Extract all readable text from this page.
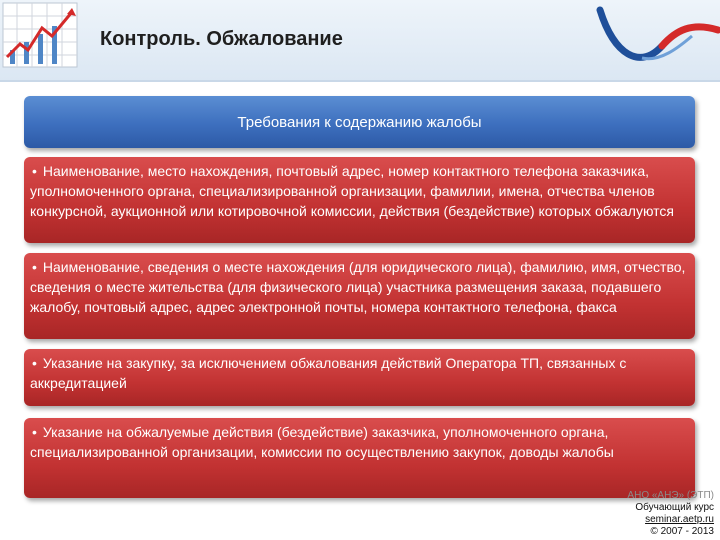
Контроль. Обжалование
Требования к содержанию жалобы
• Наименование, место нахождения, почтовый адрес, номер контактного телефона заказчика, уполномоченного органа, специализированной организации, фамилии, имена, отчества членов конкурсной, аукционной или котировочной комиссии, действия (бездействие) которых обжалуются
• Наименование, сведения о месте нахождения (для юридического лица), фамилию, имя, отчество, сведения о месте жительства (для физического лица) участника размещения заказа, подавшего жалобу, почтовый адрес, адрес электронной почты, номера контактного телефона, факса
• Указание на закупку, за исключением обжалования действий Оператора ТП, связанных с аккредитацией
• Указание на обжалуемые действия (бездействие) заказчика, уполномоченного органа, специализированной организации, комиссии по осуществлению закупок, доводы жалобы
АНО «АНЭ» (ЭТП)
Обучающий курс
seminar.aetp.ru
© 2007 - 2013
